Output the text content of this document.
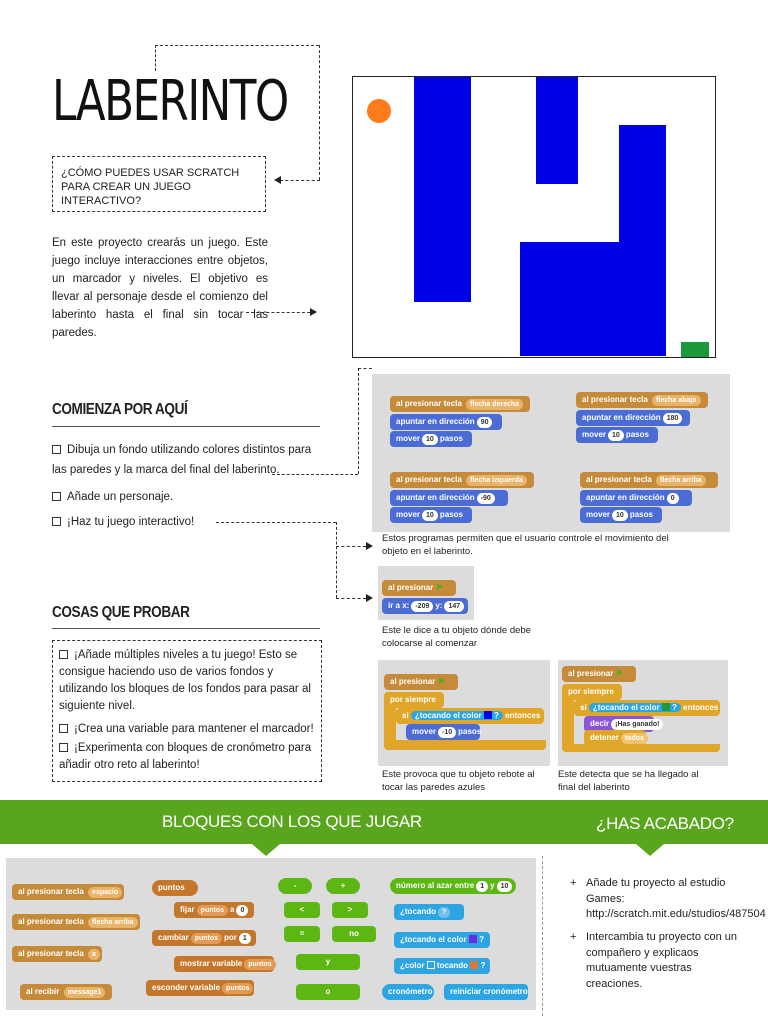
LABERINTO
¿CÓMO PUEDES USAR SCRATCH PARA CREAR UN JUEGO INTERACTIVO?
En este proyecto crearás un juego. Este juego incluye interacciones entre objetos, un marcador y niveles. El objetivo es llevar al personaje desde el comienzo del laberinto hasta el final sin tocar las paredes.
COMIENZA POR AQUÍ
Dibuja un fondo utilizando colores distintos para las paredes y la marca del final del laberinto.
Añade un personaje.
¡Haz tu juego interactivo!
COSAS QUE PROBAR
¡Añade múltiples niveles a tu juego! Esto se consigue haciendo uso de varios fondos y utilizando los bloques de los fondos para pasar al siguiente nivel.
¡Crea una variable para mantener el marcador!
¡Experimenta con bloques de cronómetro para añadir otro reto al laberinto!
al presionar tecla flecha derecha
apuntar en dirección 90
mover 10 pasos
al presionar tecla flecha abajo
apuntar en dirección 180
mover 10 pasos
al presionar tecla flecha izquierda
apuntar en dirección -90
mover 10 pasos
al presionar tecla flecha arriba
apuntar en dirección 0
mover 10 pasos
Estos programas permiten que el usuario controle el movimiento del objeto en el laberinto.
al presionar ⚑
ir a x: -209 y: 147
Este le dice a tu objeto dónde debe colocarse al comenzar
al presionar ⚑
por siempre
si ¿tocando el color  ? entonces
mover -10 pasos
Este provoca que tu objeto rebote al tocar las paredes azules
al presionar ⚑
por siempre
si ¿tocando el color  ? entonces
decir ¡Has ganado!
detener todos
Este detecta que se ha llegado al final del laberinto
BLOQUES CON LOS QUE JUGAR	¿HAS ACABADO?
al presionar tecla espacio
al presionar tecla flecha arriba
al presionar tecla a
al recibir message1
puntos
fijar puntos a 0
cambiar puntos por 1
mostrar variable puntos
esconder variable puntos
-	+
<	>
=	no
y
o
número al azar entre 1 y 10
¿tocando ?
¿tocando el color ?
¿color tocando ?
cronómetro	reiniciar cronómetro
+ Añade tu proyecto al estudio Games: http://scratch.mit.edu/studios/487504
+ Intercambia tu proyecto con un compañero y explicaos mutuamente vuestras creaciones.
